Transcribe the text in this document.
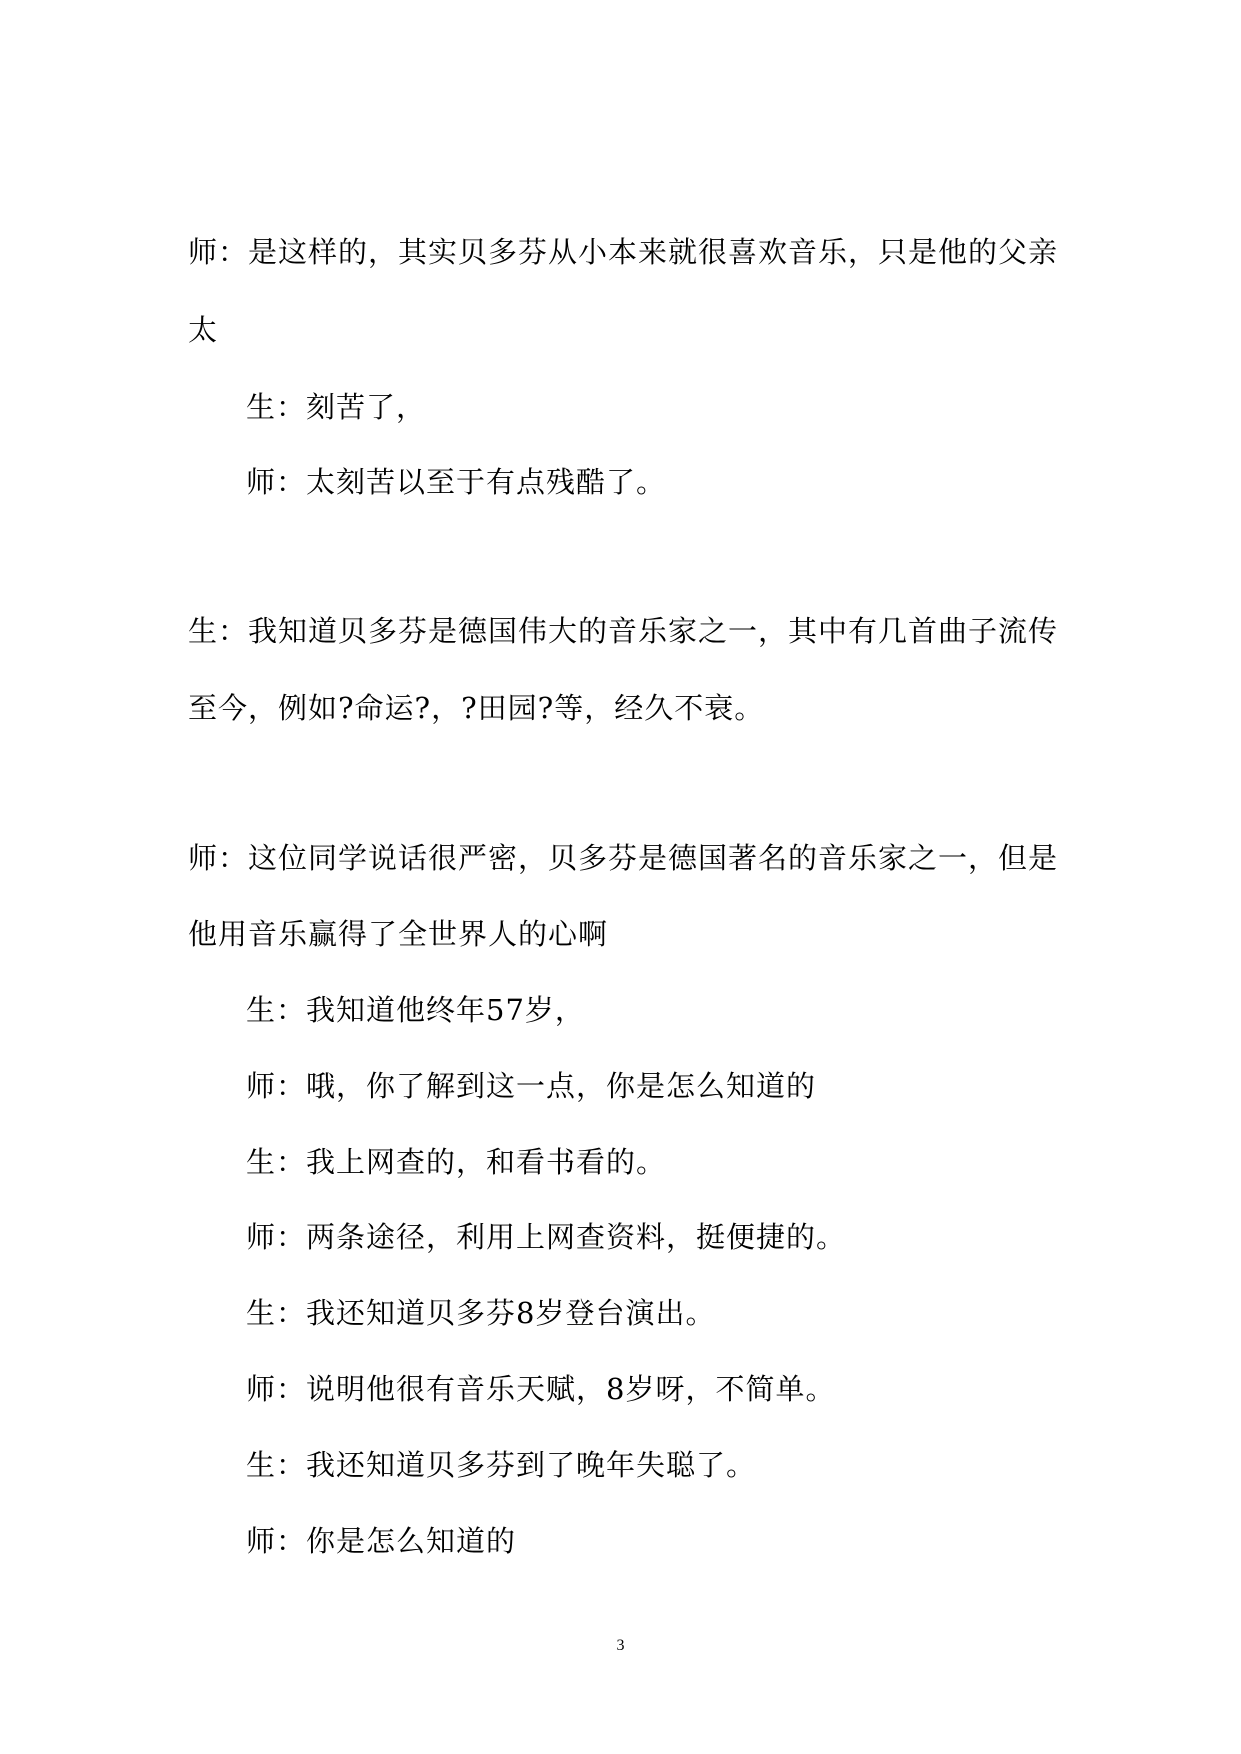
师：是这样的，其实贝多芬从小本来就很喜欢音乐，只是他的父亲
太
生：刻苦了，
师：太刻苦以至于有点残酷了。
生：我知道贝多芬是德国伟大的音乐家之一，其中有几首曲子流传
至今，例如?命运?，?田园?等，经久不衰。
师：这位同学说话很严密，贝多芬是德国著名的音乐家之一，但是
他用音乐赢得了全世界人的心啊
生：我知道他终年57岁，
师：哦，你了解到这一点，你是怎么知道的
生：我上网查的，和看书看的。
师：两条途径，利用上网查资料，挺便捷的。
生：我还知道贝多芬8岁登台演出。
师：说明他很有音乐天赋，8岁呀，不简单。
生：我还知道贝多芬到了晚年失聪了。
师：你是怎么知道的
3
